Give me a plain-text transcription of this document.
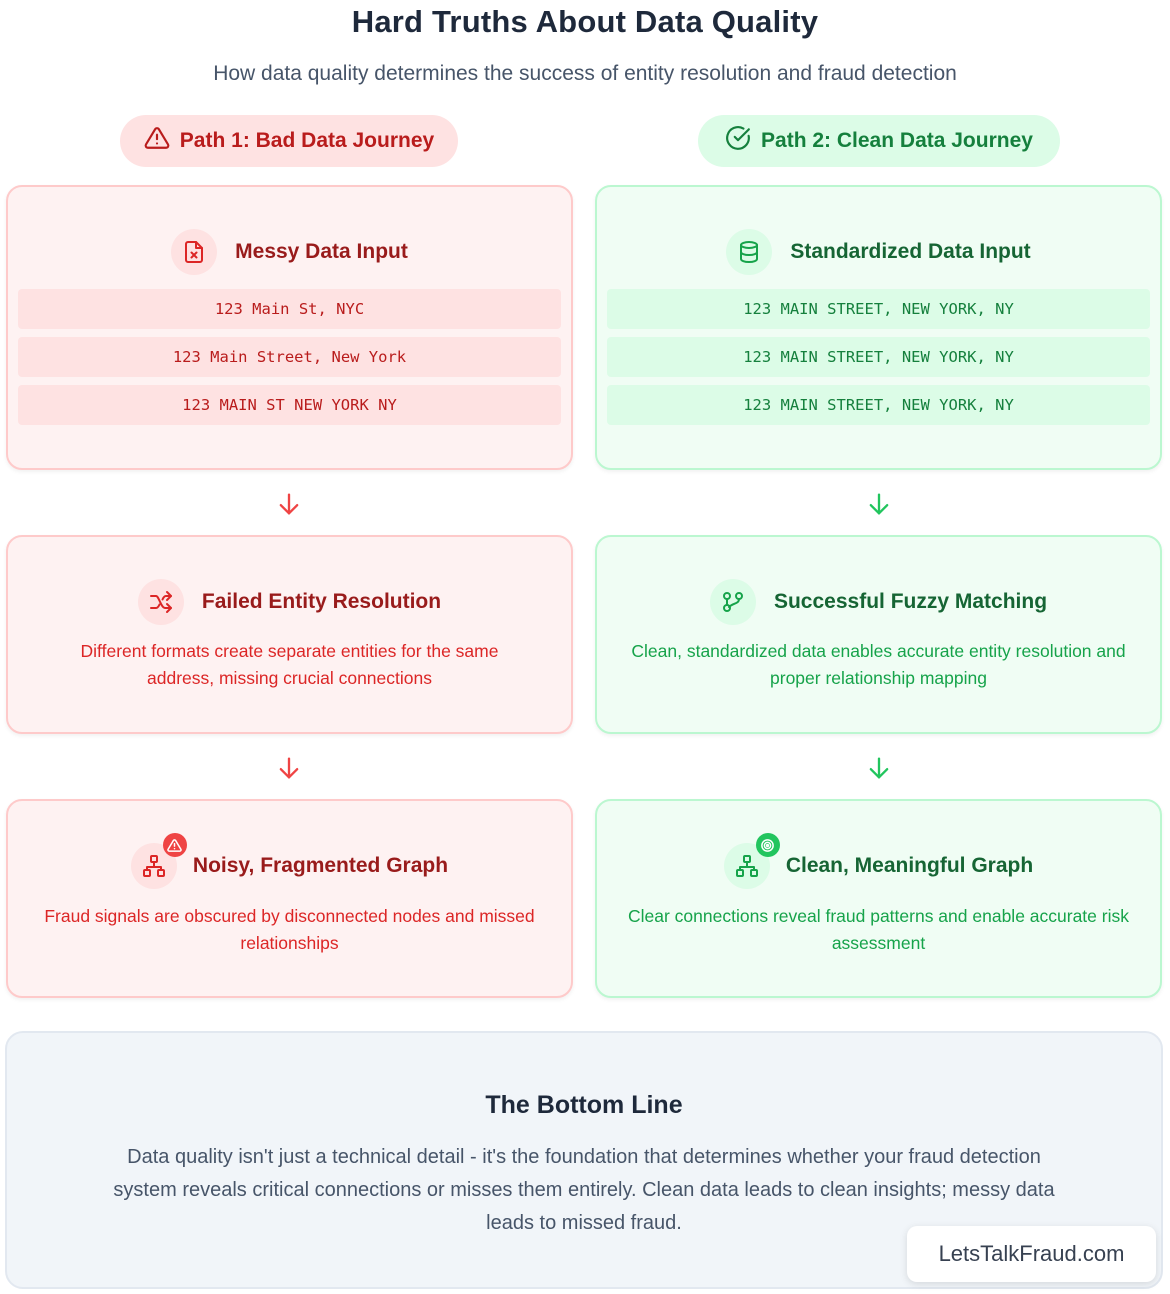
Hard Truths About Data Quality
How data quality determines the success of entity resolution and fraud detection
Path 1: Bad Data Journey	Path 2: Clean Data Journey
Messy Data Input
123 Main St, NYC
123 Main Street, New York
123 MAIN ST NEW YORK NY
Standardized Data Input
123 MAIN STREET, NEW YORK, NY
123 MAIN STREET, NEW YORK, NY
123 MAIN STREET, NEW YORK, NY
Failed Entity Resolution
Different formats create separate entities for the same address, missing crucial connections
Successful Fuzzy Matching
Clean, standardized data enables accurate entity resolution and proper relationship mapping
Noisy, Fragmented Graph
Fraud signals are obscured by disconnected nodes and missed relationships
Clean, Meaningful Graph
Clear connections reveal fraud patterns and enable accurate risk assessment
The Bottom Line
Data quality isn't just a technical detail - it's the foundation that determines whether your fraud detection system reveals critical connections or misses them entirely. Clean data leads to clean insights; messy data leads to missed fraud.
LetsTalkFraud.com
